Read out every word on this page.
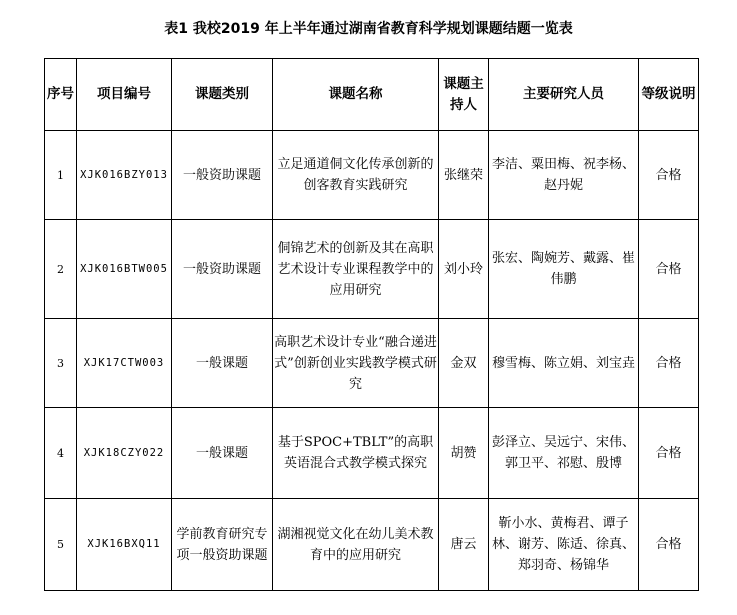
表1 我校2019 年上半年通过湖南省教育科学规划课题结题一览表
序号	项目编号	课题类别	课题名称	课题主持人	主要研究人员	等级说明
1	XJK016BZY013	一般资助课题	立足通道侗文化传承创新的创客教育实践研究	张继荣	李洁、粟田梅、祝李杨、赵丹妮	合格
2	XJK016BTW005	一般资助课题	侗锦艺术的创新及其在高职艺术设计专业课程教学中的应用研究	刘小玲	张宏、陶婉芳、戴露、崔伟鹏	合格
3	XJK17CTW003	一般课题	高职艺术设计专业“融合递进式”创新创业实践教学模式研究	金双	穆雪梅、陈立娟、刘宝垚	合格
4	XJK18CZY022	一般课题	基于SPOC+TBLT”的高职英语混合式教学模式探究	胡赞	彭泽立、吴远宁、宋伟、郭卫平、祁慰、殷博	合格
5	XJK16BXQ11	学前教育研究专项一般资助课题	湖湘视觉文化在幼儿美术教育中的应用研究	唐云	靳小水、黄梅君、谭子林、谢芳、陈适、徐真、郑羽奇、杨锦华	合格
